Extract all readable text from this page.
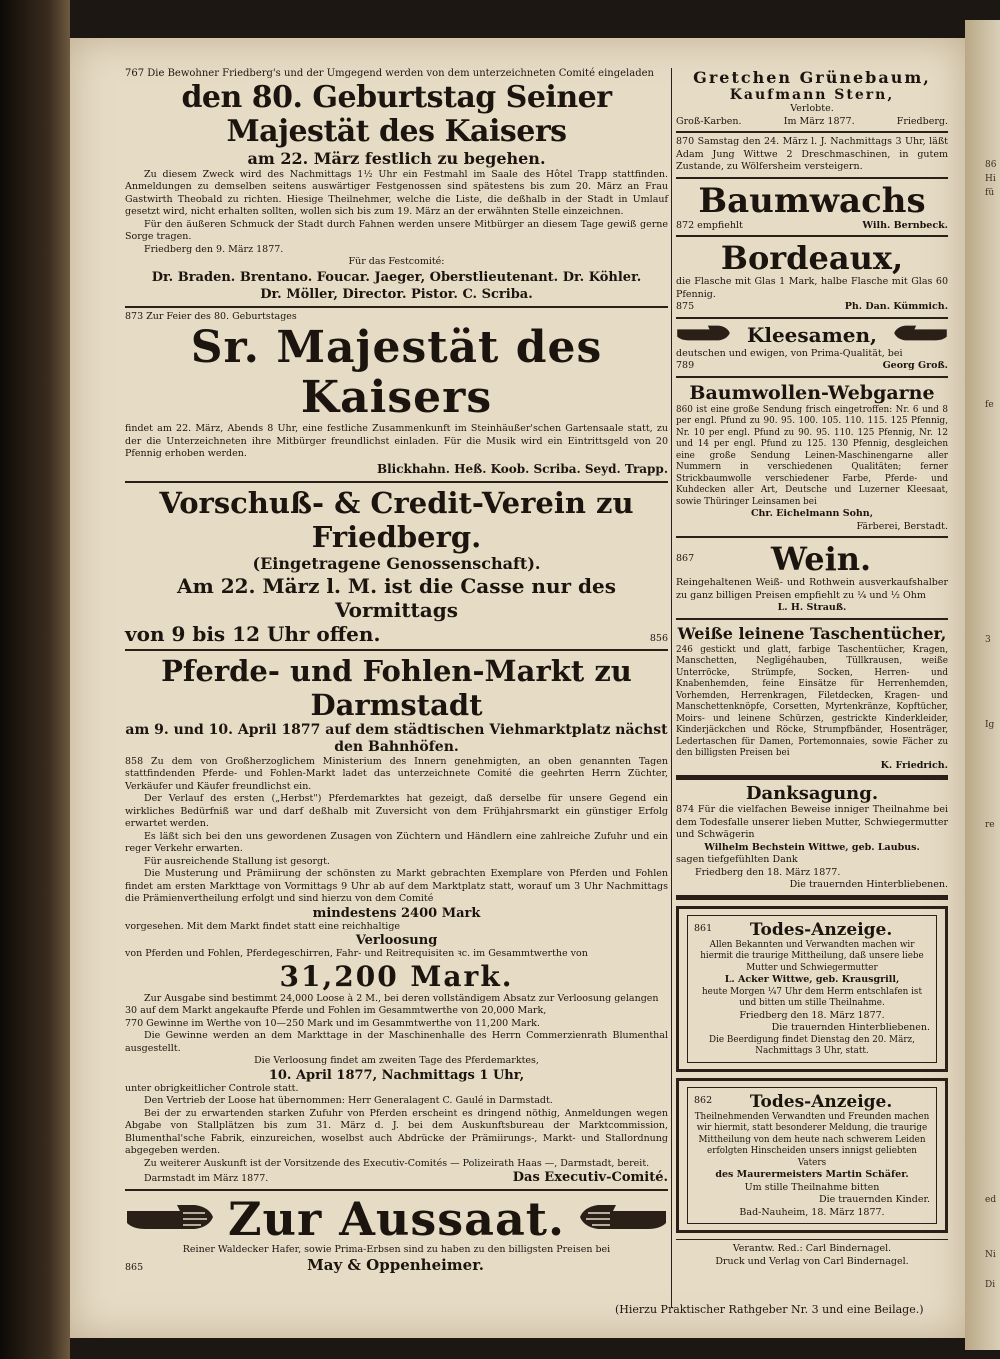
767 Die Bewohner Friedberg's und der Umgegend werden von dem unterzeichneten Comité eingeladen
den 80. Geburtstag Seiner Majestät des Kaisers
am 22. März festlich zu begehen.
Zu diesem Zweck wird des Nachmittags 1½ Uhr ein Festmahl im Saale des Hôtel Trapp stattfinden. Anmeldungen zu demselben seitens auswärtiger Festgenossen sind spätestens bis zum 20. März an Frau Gastwirth Theobald zu richten. Hiesige Theilnehmer, welche die Liste, die deßhalb in der Stadt in Umlauf gesetzt wird, nicht erhalten sollten, wollen sich bis zum 19. März an der erwähnten Stelle einzeichnen.
Für den äußeren Schmuck der Stadt durch Fahnen werden unsere Mitbürger an diesem Tage gewiß gerne Sorge tragen.
Friedberg den 9. März 1877.
Für das Festcomité:
Dr. Braden. Brentano. Foucar. Jaeger, Oberstlieutenant. Dr. Köhler.
Dr. Möller, Director. Pistor. C. Scriba.
873 Zur Feier des 80. Geburtstages
Sr. Majestät des Kaisers
findet am 22. März, Abends 8 Uhr, eine festliche Zusammenkunft im Steinhäußer'schen Gartensaale statt, zu der die Unterzeichneten ihre Mitbürger freundlichst einladen. Für die Musik wird ein Eintrittsgeld von 20 Pfennig erhoben werden.
Blickhahn. Heß. Koob. Scriba. Seyd. Trapp.
Vorschuß- & Credit-Verein zu Friedberg.
(Eingetragene Genossenschaft).
Am 22. März l. M. ist die Casse nur des Vormittags
von 9 bis 12 Uhr offen.	856
Pferde- und Fohlen-Markt zu Darmstadt
am 9. und 10. April 1877 auf dem städtischen Viehmarktplatz nächst den Bahnhöfen.
858 Zu dem von Großherzoglichem Ministerium des Innern genehmigten, an oben genannten Tagen stattfindenden Pferde- und Fohlen-Markt ladet das unterzeichnete Comité die geehrten Herrn Züchter, Verkäufer und Käufer freundlichst ein.
Der Verlauf des ersten („Herbst") Pferdemarktes hat gezeigt, daß derselbe für unsere Gegend ein wirkliches Bedürfniß war und darf deßhalb mit Zuversicht von dem Frühjahrsmarkt ein günstiger Erfolg erwartet werden.
Es läßt sich bei den uns gewordenen Zusagen von Züchtern und Händlern eine zahlreiche Zufuhr und ein reger Verkehr erwarten.
Für ausreichende Stallung ist gesorgt.
Die Musterung und Prämiirung der schönsten zu Markt gebrachten Exemplare von Pferden und Fohlen findet am ersten Markttage von Vormittags 9 Uhr ab auf dem Marktplatz statt, worauf um 3 Uhr Nachmittags die Prämienvertheilung erfolgt und sind hierzu von dem Comité
mindestens 2400 Mark
vorgesehen. Mit dem Markt findet statt eine reichhaltige
Verloosung
von Pferden und Fohlen, Pferdegeschirren, Fahr- und Reitrequisiten ꝛc. im Gesammtwerthe von
31,200 Mark.
Zur Ausgabe sind bestimmt 24,000 Loose à 2 M., bei deren vollständigem Absatz zur Verloosung gelangen
30 auf dem Markt angekaufte Pferde und Fohlen im Gesammtwerthe von 20,000 Mark,
770 Gewinne im Werthe von 10—250 Mark und im Gesammtwerthe von 11,200 Mark.
Die Gewinne werden an dem Markttage in der Maschinenhalle des Herrn Commerzienrath Blumenthal ausgestellt.
Die Verloosung findet am zweiten Tage des Pferdemarktes,
10. April 1877, Nachmittags 1 Uhr,
unter obrigkeitlicher Controle statt.
Den Vertrieb der Loose hat übernommen: Herr Generalagent C. Gaulé in Darmstadt.
Bei der zu erwartenden starken Zufuhr von Pferden erscheint es dringend nöthig, Anmeldungen wegen Abgabe von Stallplätzen bis zum 31. März d. J. bei dem Auskunftsbureau der Marktcommission, Blumenthal'sche Fabrik, einzureichen, woselbst auch Abdrücke der Prämiirungs-, Markt- und Stallordnung abgegeben werden.
Zu weiterer Auskunft ist der Vorsitzende des Executiv-Comités — Polizeirath Haas —, Darmstadt, bereit.
Darmstadt im März 1877.	Das Executiv-Comité.
Zur Aussaat.
Reiner Waldecker Hafer, sowie Prima-Erbsen sind zu haben zu den billigsten Preisen bei
865	May & Oppenheimer.
Gretchen Grünebaum,
Kaufmann Stern,
Verlobte.
Groß-Karben.	Im März 1877.	Friedberg.
870 Samstag den 24. März l. J. Nachmittags 3 Uhr, läßt Adam Jung Wittwe 2 Dreschmaschinen, in gutem Zustande, zu Wölfersheim versteigern.
Baumwachs
872 empfiehlt	Wilh. Bernbeck.
Bordeaux,
die Flasche mit Glas 1 Mark, halbe Flasche mit Glas 60 Pfennig.
875	Ph. Dan. Kümmich.
Kleesamen,
deutschen und ewigen, von Prima-Qualität, bei
789	Georg Groß.
Baumwollen-Webgarne
860 ist eine große Sendung frisch eingetroffen: Nr. 6 und 8 per engl. Pfund zu 90. 95. 100. 105. 110. 115. 125 Pfennig, Nr. 10 per engl. Pfund zu 90. 95. 110. 125 Pfennig, Nr. 12 und 14 per engl. Pfund zu 125. 130 Pfennig, desgleichen eine große Sendung Leinen-Maschinengarne aller Nummern in verschiedenen Qualitäten; ferner Strickbaumwolle verschiedener Farbe, Pferde- und Kuhdecken aller Art, Deutsche und Luzerner Kleesaat, sowie Thüringer Leinsamen bei
Chr. Eichelmann Sohn,
Färberei, Berstadt.
867	Wein.
Reingehaltenen Weiß- und Rothwein ausverkaufshalber zu ganz billigen Preisen empfiehlt zu ¼ und ½ Ohm
L. H. Strauß.
Weiße leinene Taschentücher,
246 gestickt und glatt, farbige Taschentücher, Kragen, Manschetten, Negligéhauben, Tüllkrausen, weiße Unterröcke, Strümpfe, Socken, Herren- und Knabenhemden, feine Einsätze für Herrenhemden, Vorhemden, Herrenkragen, Filetdecken, Kragen- und Manschettenknöpfe, Corsetten, Myrtenkränze, Kopftücher, Moirs- und leinene Schürzen, gestrickte Kinderkleider, Kinderjäckchen und Röcke, Strumpfbänder, Hosenträger, Ledertaschen für Damen, Portemonnaies, sowie Fächer zu den billigsten Preisen bei
K. Friedrich.
Danksagung.
874 Für die vielfachen Beweise inniger Theilnahme bei dem Todesfalle unserer lieben Mutter, Schwiegermutter und Schwägerin
Wilhelm Bechstein Wittwe, geb. Laubus.
sagen tiefgefühlten Dank
Friedberg den 18. März 1877.
Die trauernden Hinterbliebenen.
861	Todes-Anzeige.
Allen Bekannten und Verwandten machen wir hiermit die traurige Mittheilung, daß unsere liebe Mutter und Schwiegermutter
L. Acker Wittwe, geb. Krausgrill,
heute Morgen ¼7 Uhr dem Herrn entschlafen ist und bitten um stille Theilnahme.
Friedberg den 18. März 1877.
Die trauernden Hinterbliebenen.
Die Beerdigung findet Dienstag den 20. März, Nachmittags 3 Uhr, statt.
862	Todes-Anzeige.
Theilnehmenden Verwandten und Freunden machen wir hiermit, statt besonderer Meldung, die traurige Mittheilung von dem heute nach schwerem Leiden erfolgten Hinscheiden unsers innigst geliebten Vaters
des Maurermeisters Martin Schäfer.
Um stille Theilnahme bitten
Die trauernden Kinder.
Bad-Nauheim, 18. März 1877.
Verantw. Red.: Carl Bindernagel.
Druck und Verlag von Carl Bindernagel.
(Hierzu Praktischer Rathgeber Nr. 3 und eine Beilage.)
86
Hi
fü
fe
3
Ig
re
ed
Ni
Di
